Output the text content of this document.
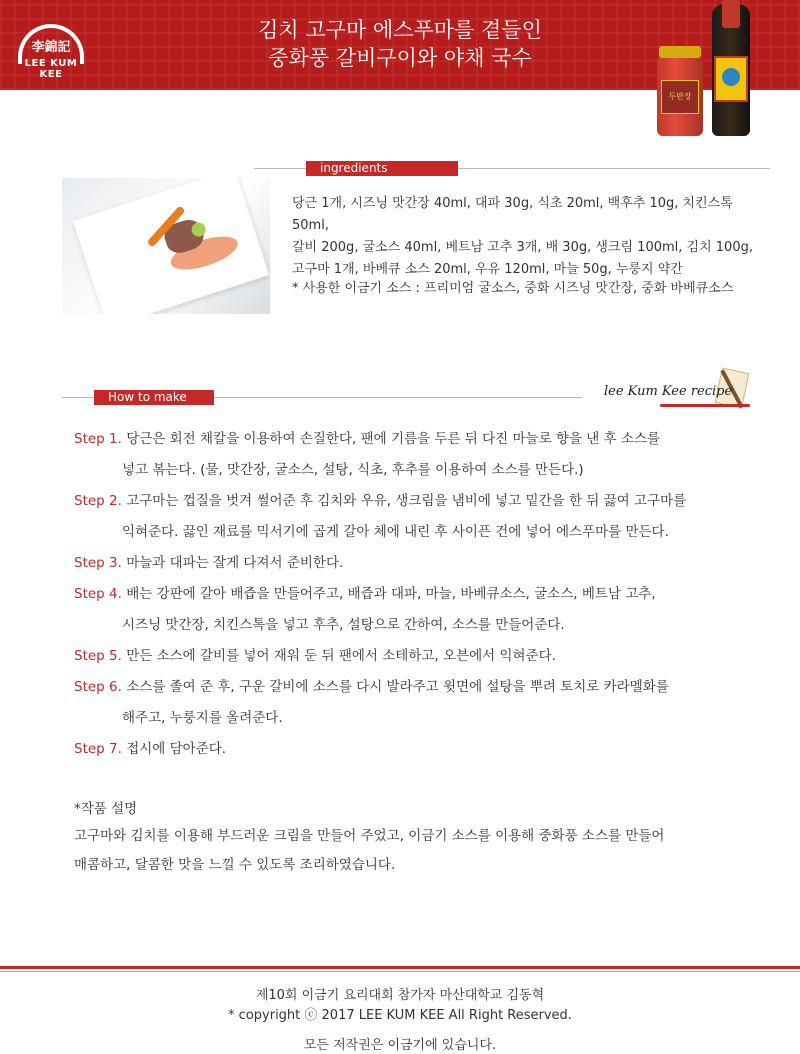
李錦記
LEE KUM KEE
김치 고구마 에스푸마를 곁들인
중화풍 갈비구이와 야채 국수
두반장
ingredients
당근 1개, 시즈닝 맛간장 40ml, 대파 30g, 식초 20ml, 백후추 10g, 치킨스톡 50ml,
갈비 200g, 굴소스 40ml, 베트남 고추 3개, 배 30g, 생크림 100ml, 김치 100g,
고구마 1개, 바베큐 소스 20ml, 우유 120ml, 마늘 50g, 누룽지 약간
* 사용한 이금기 소스 : 프리미엄 굴소스, 중화 시즈닝 맛간장, 중화 바베큐소스
How to make	lee Kum Kee recipe
Step 1. 당근은 회전 채칼을 이용하여 손질한다, 팬에 기름을 두른 뒤 다진 마늘로 향을 낸 후 소스를
넣고 볶는다. (물, 맛간장, 굴소스, 설탕, 식초, 후추를 이용하여 소스를 만든다.)
Step 2. 고구마는 껍질을 벗겨 썰어준 후 김치와 우유, 생크림을 냄비에 넣고 밑간을 한 뒤 끓여 고구마를
익혀준다. 끓인 재료를 믹서기에 곱게 갈아 체에 내린 후 사이픈 건에 넣어 에스푸마를 만든다.
Step 3. 마늘과 대파는 잘게 다져서 준비한다.
Step 4. 배는 강판에 갈아 배즙을 만들어주고, 배즙과 대파, 마늘, 바베큐소스, 굴소스, 베트남 고추,
시즈닝 맛간장, 치킨스톡을 넣고 후추, 설탕으로 간하여, 소스를 만들어준다.
Step 5. 만든 소스에 갈비를 넣어 재워 둔 뒤 팬에서 소테하고, 오븐에서 익혀준다.
Step 6. 소스를 졸여 준 후, 구운 갈비에 소스를 다시 발라주고 윗면에 설탕을 뿌려 토치로 카라멜화를
해주고, 누룽지를 올려준다.
Step 7. 접시에 담아준다.
*작품 설명
고구마와 김치를 이용해 부드러운 크림을 만들어 주었고, 이금기 소스를 이용해 중화풍 소스를 만들어
매콤하고, 달콤한 맛을 느낄 수 있도록 조리하였습니다.
제10회 이금기 요리대회 참가자 마산대학교 김동혁
* copyright ⓒ 2017 LEE KUM KEE All Right Reserved.
모든 저작권은 이금기에 있습니다.
